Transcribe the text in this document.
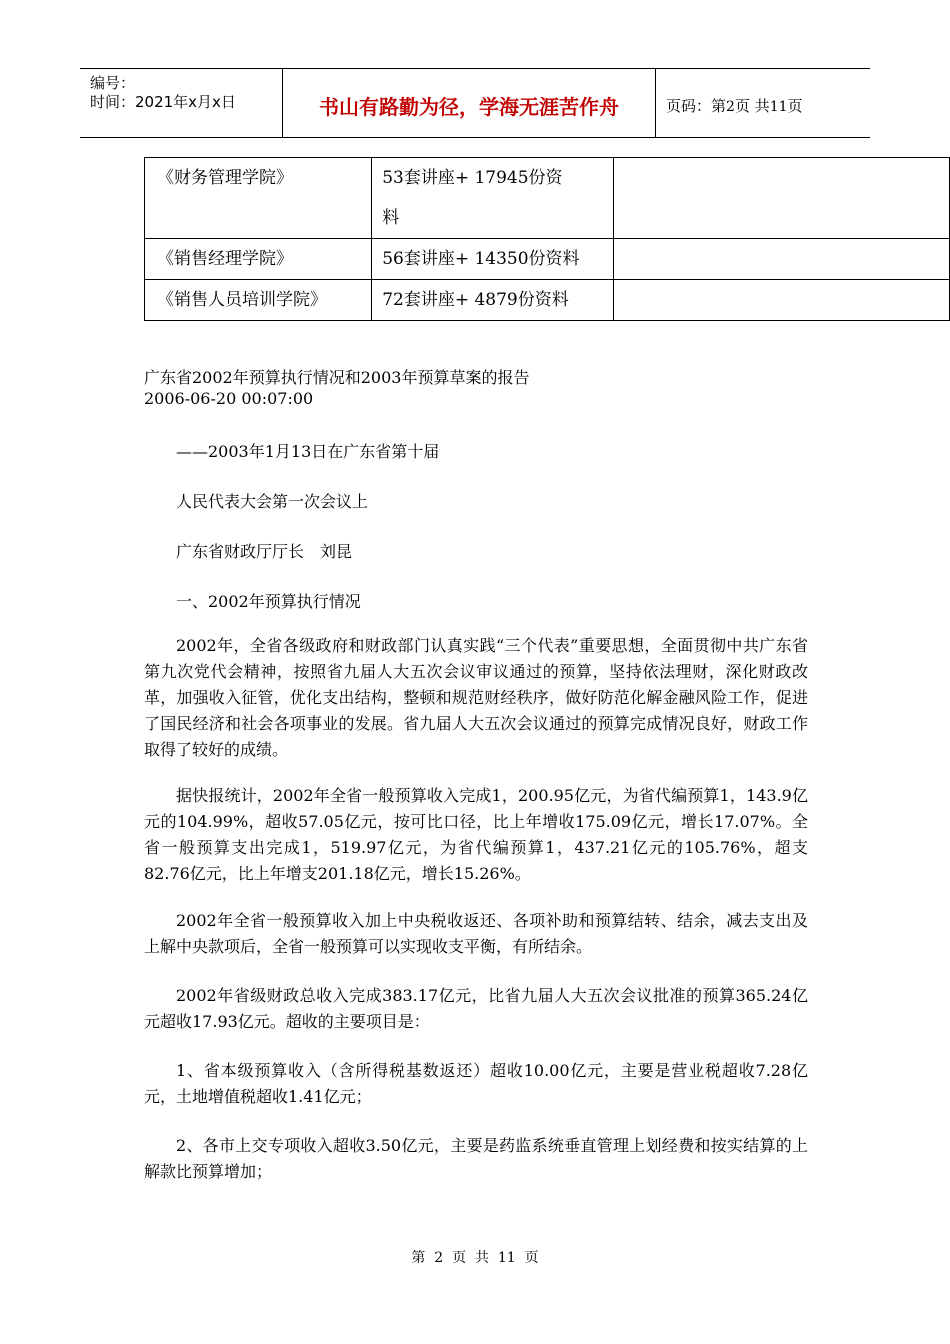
编号：
时间：2021年x月x日	书山有路勤为径，学海无涯苦作舟	页码：第2页 共11页
《财务管理学院》	53套讲座+ 17945份资
料	

《销售经理学院》	56套讲座+ 14350份资料	
《销售人员培训学院》	72套讲座+ 4879份资料	
广东省2002年预算执行情况和2003年预算草案的报告
2006-06-20 00:07:00
——2003年1月13日在广东省第十届
人民代表大会第一次会议上
广东省财政厅厅长　刘昆
一、2002年预算执行情况
2002年，全省各级政府和财政部门认真实践“三个代表”重要思想，全面贯彻中共广东省第九次党代会精神，按照省九届人大五次会议审议通过的预算，坚持依法理财，深化财政改革，加强收入征管，优化支出结构，整顿和规范财经秩序，做好防范化解金融风险工作，促进了国民经济和社会各项事业的发展。省九届人大五次会议通过的预算完成情况良好，财政工作取得了较好的成绩。
据快报统计，2002年全省一般预算收入完成1，200.95亿元，为省代编预算1，143.9亿元的104.99%，超收57.05亿元，按可比口径，比上年增收175.09亿元，增长17.07%。全省一般预算支出完成1，519.97亿元，为省代编预算1，437.21亿元的105.76%，超支82.76亿元，比上年增支201.18亿元，增长15.26%。
2002年全省一般预算收入加上中央税收返还、各项补助和预算结转、结余，减去支出及上解中央款项后，全省一般预算可以实现收支平衡，有所结余。
2002年省级财政总收入完成383.17亿元，比省九届人大五次会议批准的预算365.24亿元超收17.93亿元。超收的主要项目是：
1、省本级预算收入（含所得税基数返还）超收10.00亿元，主要是营业税超收7.28亿元，土地增值税超收1.41亿元；
2、各市上交专项收入超收3.50亿元，主要是药监系统垂直管理上划经费和按实结算的上解款比预算增加；
第  2  页  共  11  页
